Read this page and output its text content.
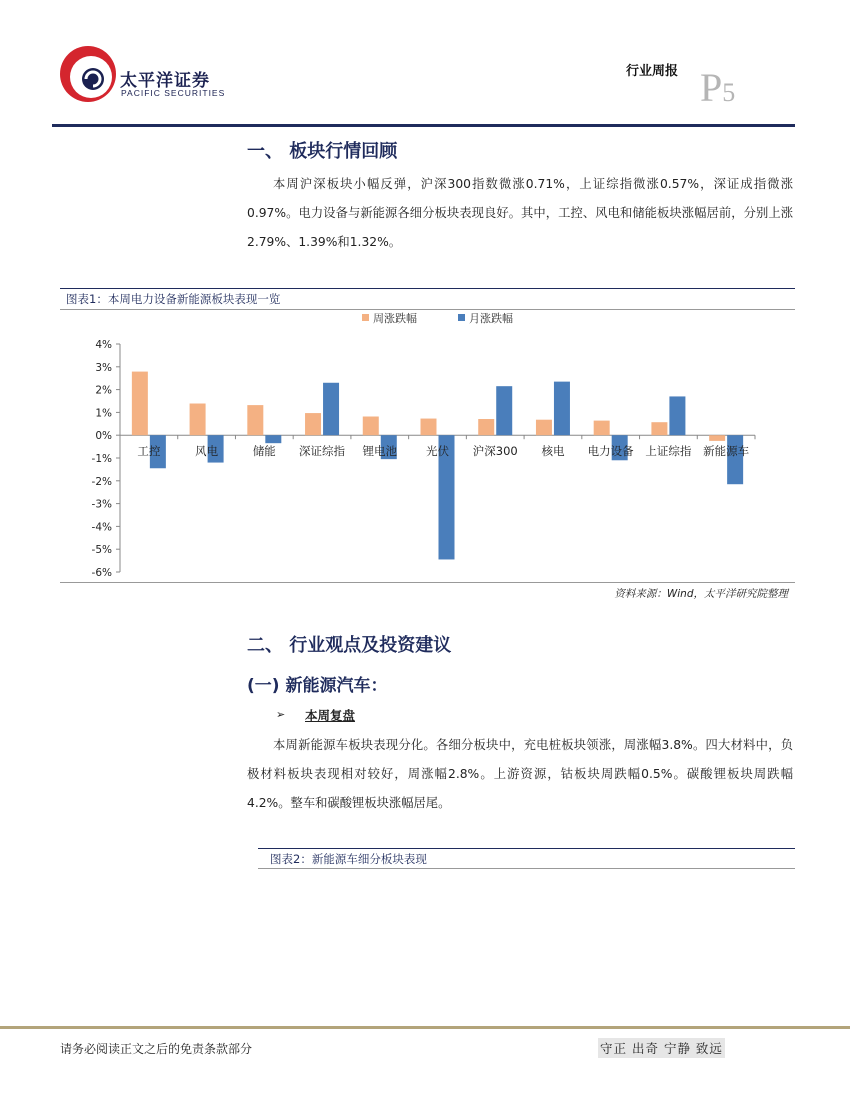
太平洋证券
PACIFIC SECURITIES
行业周报 P5
一、 板块行情回顾
本周沪深板块小幅反弹，沪深300指数微涨0.71%，上证综指微涨0.57%，深证成指微涨0.97%。电力设备与新能源各细分板块表现良好。其中，工控、风电和储能板块涨幅居前，分别上涨2.79%、1.39%和1.32%。
图表1：本周电力设备新能源板块表现一览
周涨跌幅	月涨跌幅
-6%
-5%
-4%
-3%
-2%
-1%
0%
1%
2%
3%
4%
工控	风电	储能 深证综指 锂电池	光伏 沪深300 核电 电力设备 上证综指 新能源车
资料来源：Wind，太平洋研究院整理
二、 行业观点及投资建议
(一) 新能源汽车：
➢ 本周复盘
本周新能源车板块表现分化。各细分板块中，充电桩板块领涨，周涨幅3.8%。四大材料中，负极材料板块表现相对较好，周涨幅2.8%。上游资源，钴板块周跌幅0.5%。碳酸锂板块周跌幅4.2%。整车和碳酸锂板块涨幅居尾。
图表2：新能源车细分板块表现
请务必阅读正文之后的免责条款部分	守正 出奇 宁静 致远
